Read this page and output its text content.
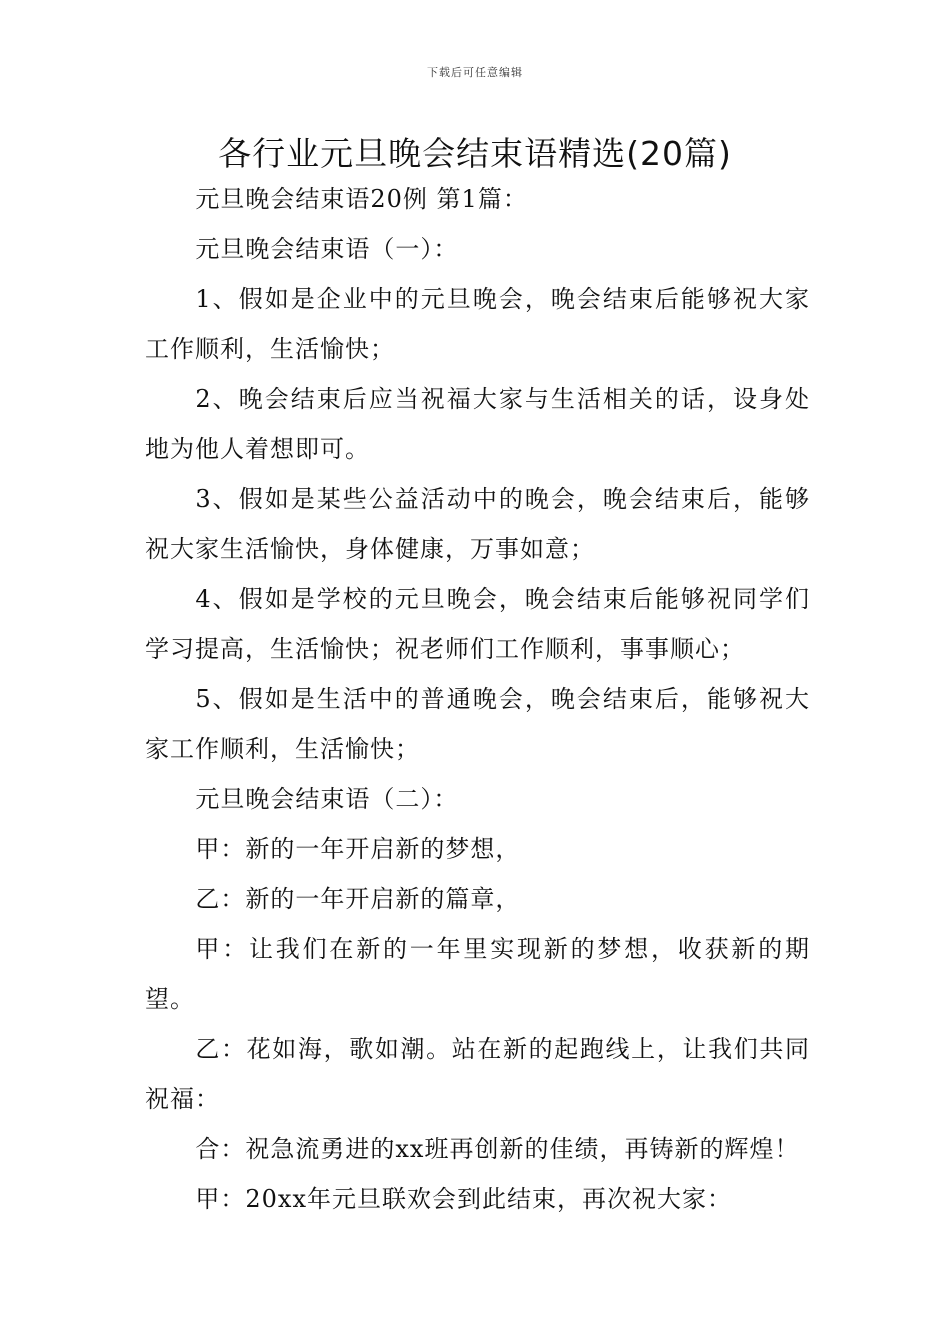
下载后可任意编辑
各行业元旦晚会结束语精选(20篇)

元旦晚会结束语20例 第1篇：

元旦晚会结束语（一）：

1、假如是企业中的元旦晚会，晚会结束后能够祝大家工作顺利，生活愉快；

2、晚会结束后应当祝福大家与生活相关的话，设身处地为他人着想即可。

3、假如是某些公益活动中的晚会，晚会结束后，能够祝大家生活愉快，身体健康，万事如意；

4、假如是学校的元旦晚会，晚会结束后能够祝同学们学习提高，生活愉快；祝老师们工作顺利，事事顺心；

5、假如是生活中的普通晚会，晚会结束后，能够祝大家工作顺利，生活愉快；

元旦晚会结束语（二）：

甲：新的一年开启新的梦想，

乙：新的一年开启新的篇章，

甲：让我们在新的一年里实现新的梦想，收获新的期望。

乙：花如海，歌如潮。站在新的起跑线上，让我们共同祝福：

合：祝急流勇进的xx班再创新的佳绩，再铸新的辉煌！

甲：20xx年元旦联欢会到此结束，再次祝大家：
